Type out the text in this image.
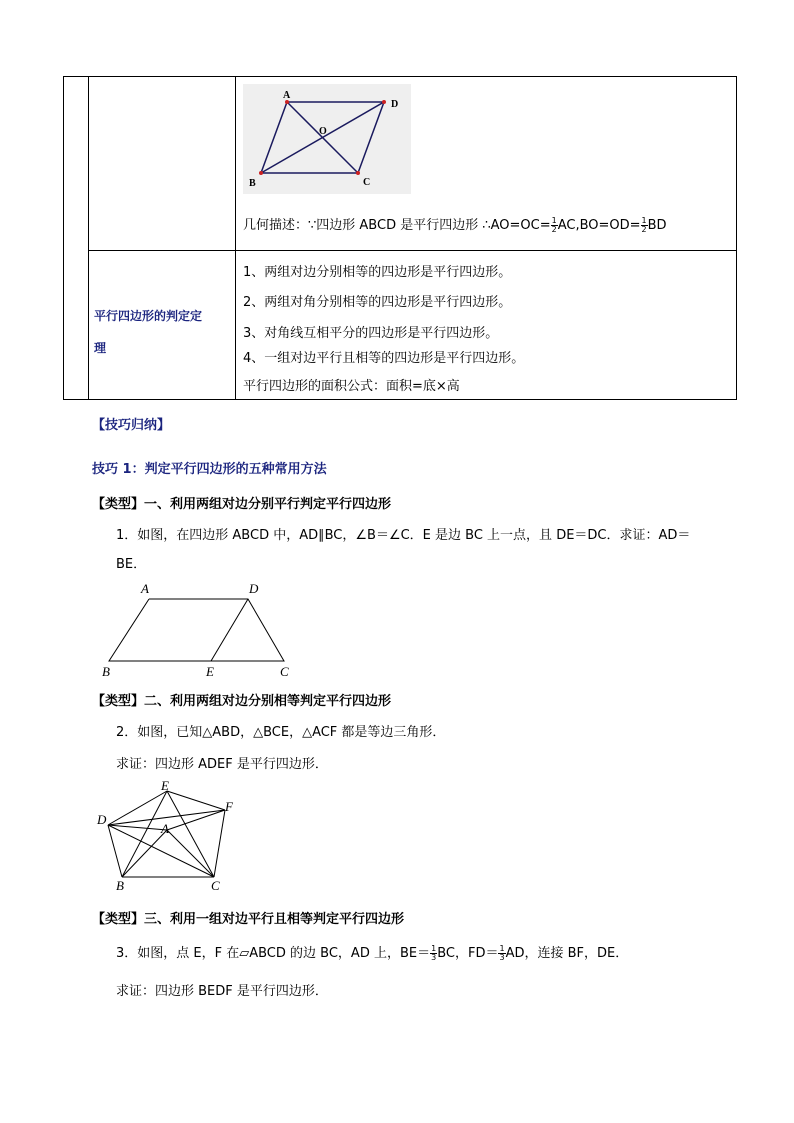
A
D
O
B	C
几何描述：∵四边形 ABCD 是平行四边形 ∴AO=OC= $\frac{1}{2} AC,BO=OD= \frac{1}{2}$ BD
平行四边形的判定定
理
1、两组对边分别相等的四边形是平行四边形。
2、两组对角分别相等的四边形是平行四边形。
3、对角线互相平分的四边形是平行四边形。
4、一组对边平行且相等的四边形是平行四边形。
平行四边形的面积公式：面积=底×高
【技巧归纳】
技巧 1：判定平行四边形的五种常用方法
【类型】一、利用两组对边分别平行判定平行四边形
1．如图，在四边形 ABCD 中，AD∥BC，∠B＝∠C．E 是边 BC 上一点，且 DE＝DC．求证：AD＝
BE．
A	D
B	E	C
【类型】二、利用两组对边分别相等判定平行四边形
2．如图，已知△ABD，△BCE，△ACF 都是等边三角形．
求证：四边形 ADEF 是平行四边形．
E
F
D
A
B	C
【类型】三、利用一组对边平行且相等判定平行四边形
3．如图，点 E，F 在▱ABCD 的边 BC，AD 上，$BE= \frac{1}{3}$ BC，$FD= \frac{1}{3}$ AD，连接 BF，DE．
求证：四边形 BEDF 是平行四边形．
